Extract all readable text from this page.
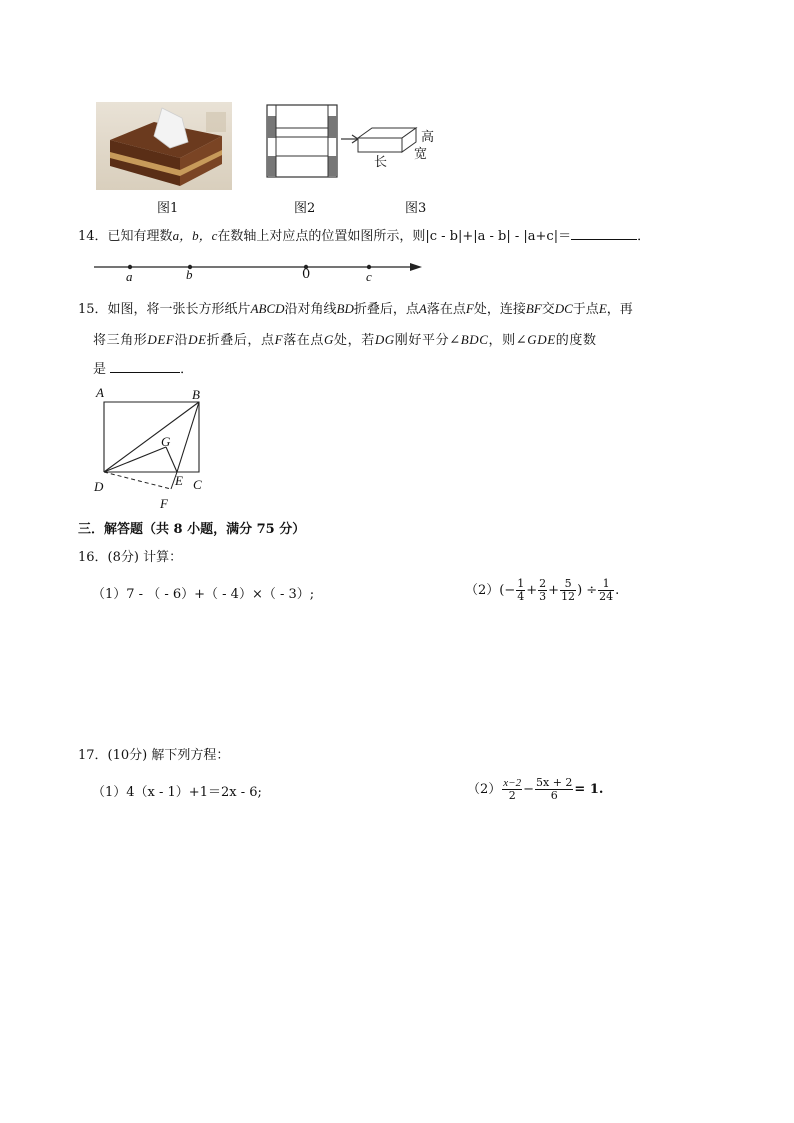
图1	图2
高
宽
长
图3
14．已知有理数a，b，c在数轴上对应点的位置如图所示，则|c - b|+|a - b| - |a+c|＝	．
a	b	0	c
15．如图，将一张长方形纸片ABCD沿对角线BD折叠后，点A落在点F处，连接BF交DC于点E，再
将三角形DEF沿DE折叠后，点F落在点G处，若DG刚好平分∠BDC，则∠GDE的度数
是	．
A	B
G
D	E C
F
三．解答题（共 8 小题，满分 75 分）
16．(8分) 计算：
（1）7 - （ - 6）+（ - 4）×（ - 3）;	$(2)(- \frac{1}{4} + \frac{2}{3} + \frac{5}{12}$ ) ÷ $\frac{1}{24}$ .
17．(10分) 解下列方程：
（1）4（x - 1）+1＝2x - 6;	$(2) \frac{x-2}{2} - \frac{5x + 2}{6} = 1$.
